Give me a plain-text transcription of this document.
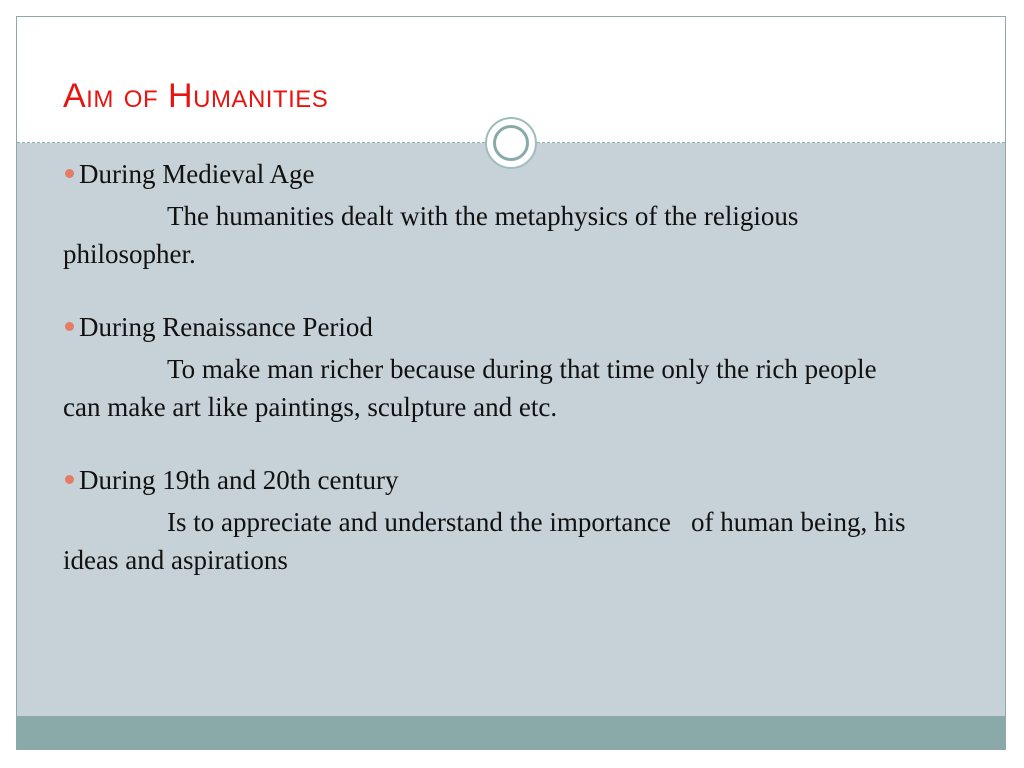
Aim of Humanities
During Medieval Age

The humanities dealt with the metaphysics of the religious philosopher.

During Renaissance Period

To make man richer because during that time only the rich people can make art like paintings, sculpture and etc.

During 19th and 20th century

Is to appreciate and understand the importance   of human being, his ideas and aspirations
